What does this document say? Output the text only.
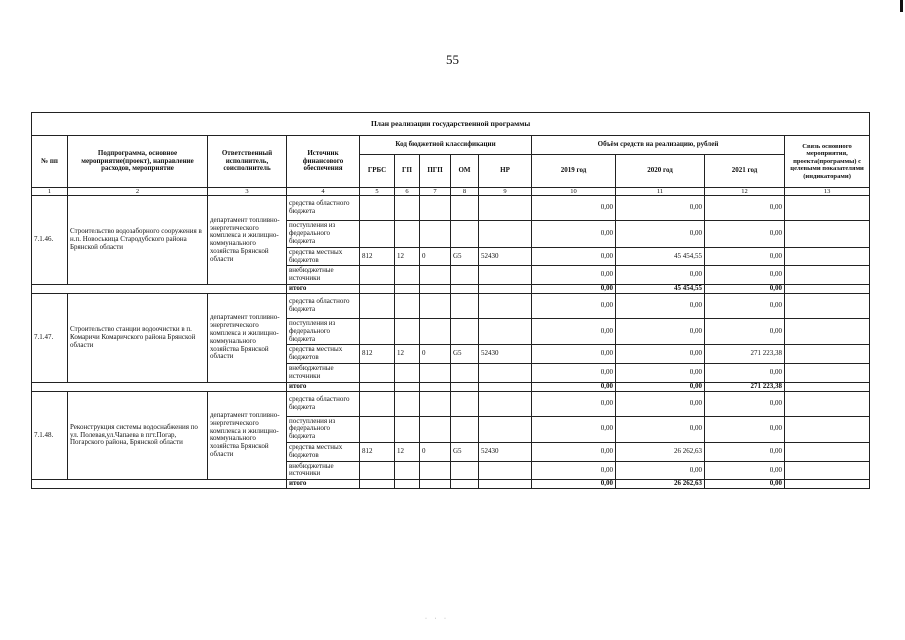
55
План реализации государственной программы												
№ пп	Подпрограмма, основное мероприятие(проект), направление расходов, мероприятие	Ответственный исполнитель, соисполнитель	Источник финансового обеспечения	Код бюджетной классификации					Объём средств на реализацию, рублей			Связь основного мероприятия, проекта(программы) с целевыми показателями (индикаторами)
				ГРБС	ГП	ПГП	ОМ	НР	2019 год	2020 год	2021 год	
1	2	3	4	5	6	7	8	9	10	11	12	13
7.1.46.	Строительство водозаборного сооружения в н.п. Новоськица Стародубского района Брянской области	департамент топливно-энергетического комплекса и жилищно-коммунального хозяйства Брянской области	средства областного бюджета						0,00	0,00	0,00	
			поступления из федерального бюджета						0,00	0,00	0,00	
			средства местных бюджетов	812	12	0	G5	52430	0,00	45 454,55	0,00	
			внебюджетные источники						0,00	0,00	0,00	
			итого						0,00	45 454,55	0,00	
7.1.47.	Строительство станции водоочистки в п. Комаричи Комаричского района Брянской области	департамент топливно-энергетического комплекса и жилищно-коммунального хозяйства Брянской области	средства областного бюджета						0,00	0,00	0,00	
			поступления из федерального бюджета						0,00	0,00	0,00	
			средства местных бюджетов	812	12	0	G5	52430	0,00	0,00	271 223,38	
			внебюджетные источники						0,00	0,00	0,00	
			итого						0,00	0,00	271 223,38	
7.1.48.	Реконструкция системы водоснабжения по ул. Полевая,ул.Чапаева в пгт.Погар, Погарского района, Брянской области	департамент топливно-энергетического комплекса и жилищно-коммунального хозяйства Брянской области	средства областного бюджета						0,00	0,00	0,00	
			поступления из федерального бюджета						0,00	0,00	0,00	
			средства местных бюджетов	812	12	0	G5	52430	0,00	26 262,63	0,00	
			внебюджетные источники						0,00	0,00	0,00	
			итого						0,00	26 262,63	0,00	
· · ·
